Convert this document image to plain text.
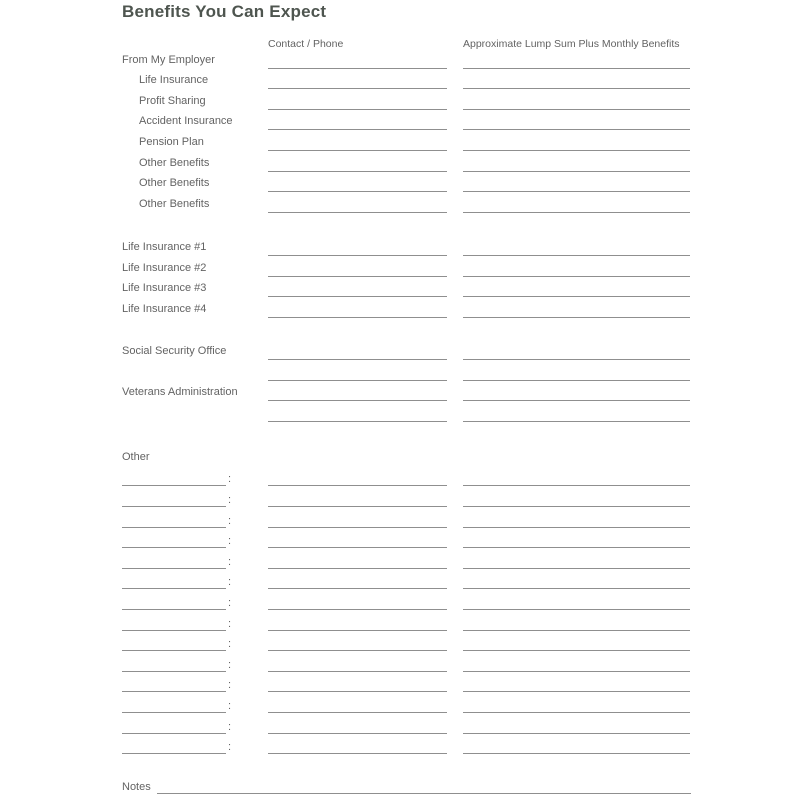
Benefits You Can Expect
Contact / Phone	Approximate Lump Sum Plus Monthly Benefits
From My Employer
Life Insurance
Profit Sharing
Accident Insurance
Pension Plan
Other Benefits
Other Benefits
Other Benefits
Life Insurance #1
Life Insurance #2
Life Insurance #3
Life Insurance #4
Social Security Office
Veterans Administration
Other
:
:
:
:
:
:
:
:
:
:
:
:
:
:
Notes
